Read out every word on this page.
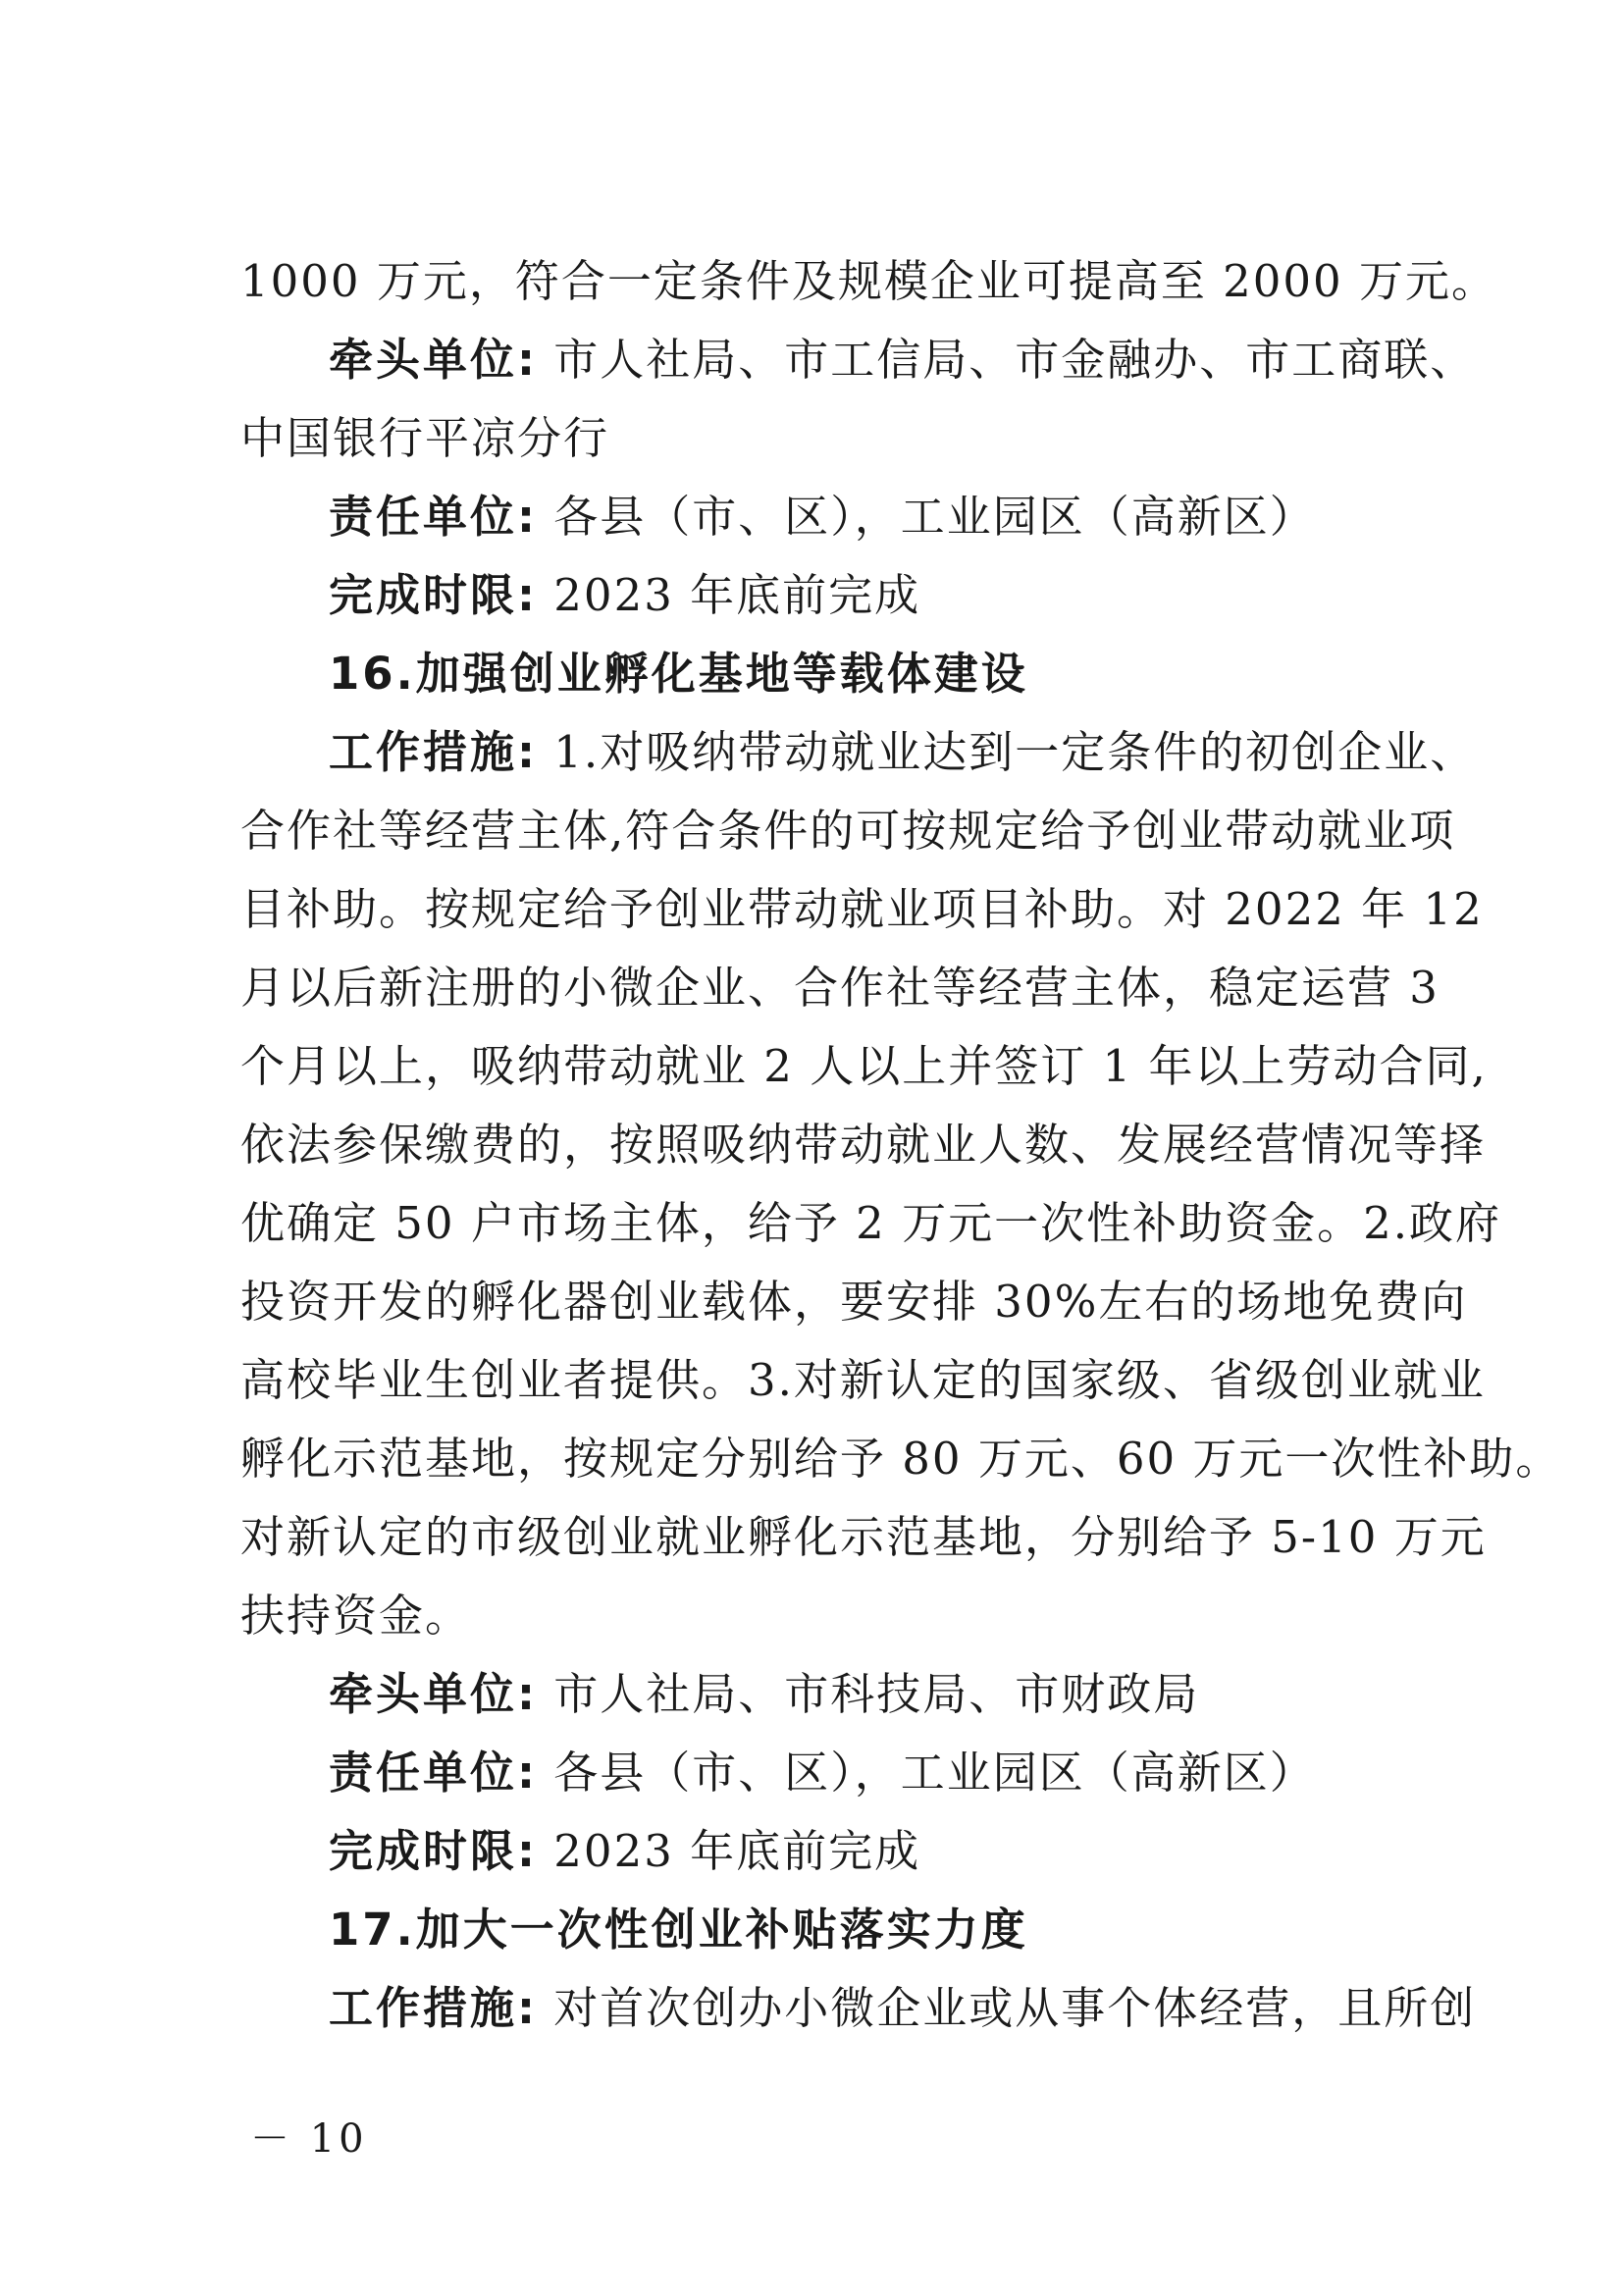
1000 万元，符合一定条件及规模企业可提高至 2000 万元。
牵头单位: 市人社局、市工信局、市金融办、市工商联、
中国银行平凉分行
责任单位: 各县（市、区），工业园区（高新区）
完成时限: 2023 年底前完成
16.加强创业孵化基地等载体建设
工作措施: 1.对吸纳带动就业达到一定条件的初创企业、
合作社等经营主体,符合条件的可按规定给予创业带动就业项
目补助。按规定给予创业带动就业项目补助。对 2022 年 12
月以后新注册的小微企业、合作社等经营主体，稳定运营 3
个月以上，吸纳带动就业 2 人以上并签订 1 年以上劳动合同,
依法参保缴费的，按照吸纳带动就业人数、发展经营情况等择
优确定 50 户市场主体，给予 2 万元一次性补助资金。2.政府
投资开发的孵化器创业载体，要安排 30%左右的场地免费向
高校毕业生创业者提供。3.对新认定的国家级、省级创业就业
孵化示范基地，按规定分别给予 80 万元、60 万元一次性补助。
对新认定的市级创业就业孵化示范基地，分别给予 5-10 万元
扶持资金。
牵头单位: 市人社局、市科技局、市财政局
责任单位: 各县（市、区），工业园区（高新区）
完成时限: 2023 年底前完成
17.加大一次性创业补贴落实力度
工作措施: 对首次创办小微企业或从事个体经营，且所创
－ 10
